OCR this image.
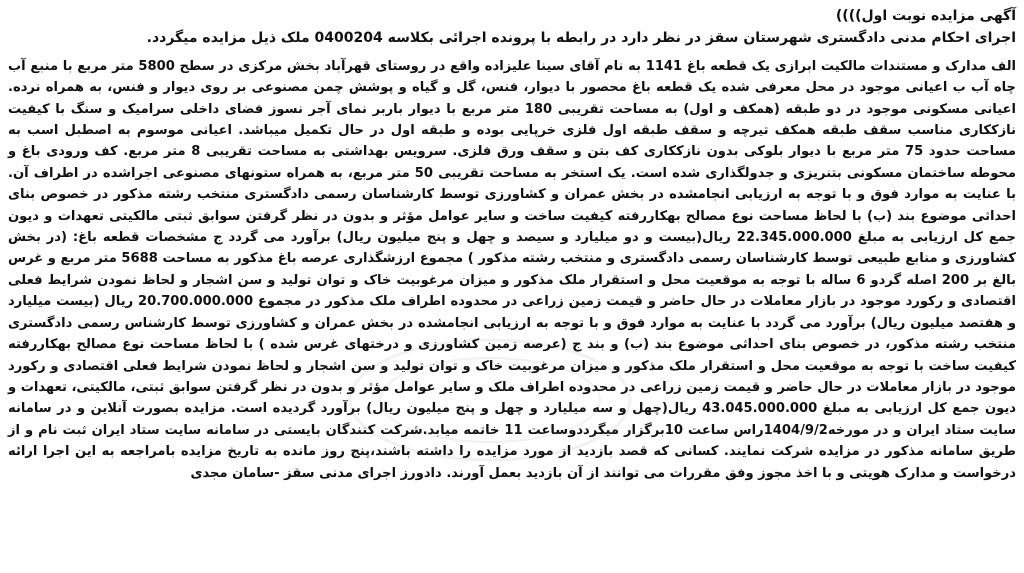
آگهی مزایده نوبت اول))))
اجرای احکام مدنی دادگستری شهرستان سقز در نظر دارد در رابطه با پرونده اجرائی بکلاسه 0400204 ملک ذیل مزایده میگردد.

الف مدارک و مستندات مالکیت ابرازی یک قطعه باغ 1141 به نام آقای سینا علیزاده واقع در روستای قهرآباد بخش مرکزی در سطح 5800 متر مربع با منبع آب چاه آب ب اعیانی موجود در محل معرفی شده یک قطعه باغ محصور با دیوار، فنس، گل و گیاه و پوشش چمن مصنوعی بر روی دیوار و فنس، به همراه نرده. اعیانی مسکونی موجود در دو طبقه (همکف و اول) به مساحت تقریبی 180 متر مربع با دیوار باربر نمای آجر نسوز فضای داخلی سرامیک و سنگ با کیفیت نازککاری مناسب سقف طبقه همکف تیرچه و سقف طبقه اول فلزی خرپایی بوده و طبقه اول در حال تکمیل میباشد. اعیانی موسوم به اصطبل اسب به مساحت حدود 75 متر مربع با دیوار بلوکی بدون نازککاری کف بتن و سقف ورق فلزی. سرویس بهداشتی به مساحت تقریبی 8 متر مربع. کف ورودی باغ و محوطه ساختمان مسکونی بتنریزی و جدولگذاری شده است. یک استخر به مساحت تقریبی 50 متر مربع، به همراه ستونهای مصنوعی اجراشده در اطراف آن. با عنایت به موارد فوق و با توجه به ارزیابی انجامشده در بخش عمران و کشاورزی توسط کارشناسان رسمی دادگستری منتخب رشته مذکور در خصوص بنای احداثی موضوع بند (ب) با لحاظ مساحت نوع مصالح بهکاررفته کیفیت ساخت و سایر عوامل مؤثر و بدون در نظر گرفتن سوابق ثبتی مالکیتی تعهدات و دیون جمع کل ارزیابی به مبلغ 22.345.000.000 ریال(بیست و دو میلیارد و سیصد و چهل و پنج میلیون ریال) برآورد می گردد ج مشخصات قطعه باغ: (در بخش کشاورزی و منابع طبیعی توسط کارشناسان رسمی دادگستری و منتخب رشته مذکور ) مجموع ارزشگذاری عرصه باغ مذکور به مساحت 5688 متر مربع و غرس بالغ بر 200 اصله گردو 6 ساله با توجه به موقعیت محل و استقرار ملک مذکور و میزان مرغوبیت خاک و توان تولید و سن اشجار و لحاظ نمودن شرایط فعلی اقتصادی و رکورد موجود در بازار معاملات در حال حاضر و قیمت زمین زراعی در محدوده اطراف ملک مذکور در مجموع 20.700.000.000 ریال (بیست میلیارد و هفتصد میلیون ریال) برآورد می گردد با عنایت به موارد فوق و با توجه به ارزیابی انجامشده در بخش عمران و کشاورزی توسط کارشناس رسمی دادگستری منتخب رشته مذکور، در خصوص بنای احداثی موضوع بند (ب) و بند ج (عرصه زمین کشاورزی و درختهای غرس شده ) با لحاظ مساحت نوع مصالح بهکاررفته کیفیت ساخت با توجه به موقعیت محل و استقرار ملک مذکور و میزان مرغوبیت خاک و توان تولید و سن اشجار و لحاظ نمودن شرایط فعلی اقتصادی و رکورد موجود در بازار معاملات در حال حاضر و قیمت زمین زراعی در محدوده اطراف ملک و سایر عوامل مؤثر و بدون در نظر گرفتن سوابق ثبتی، مالکیتی، تعهدات و دیون جمع کل ارزیابی به مبلغ 43.045.000.000 ریال(چهل و سه میلیارد و چهل و پنج میلیون ریال) برآورد گردیده است. مزایده بصورت آنلاین و در سامانه سایت ستاد ایران و در مورخه1404/9/2راس ساعت 10برگزار میگرددوساعت 11 خاتمه میابد.شرکت کنندگان بایستی در سامانه سایت ستاد ایران ثبت نام و از طریق سامانه مذکور در مزایده شرکت نمایند. کسانی که قصد بازدید از مورد مزایده را داشته باشند،پنج روز مانده به تاریخ مزایده بامراجعه به این اجرا ارائه درخواست و مدارک هویتی و با اخذ مجوز وفق مقررات می توانند از آن بازدید بعمل آورند. دادورز اجرای مدنی سقز -سامان مجدی
